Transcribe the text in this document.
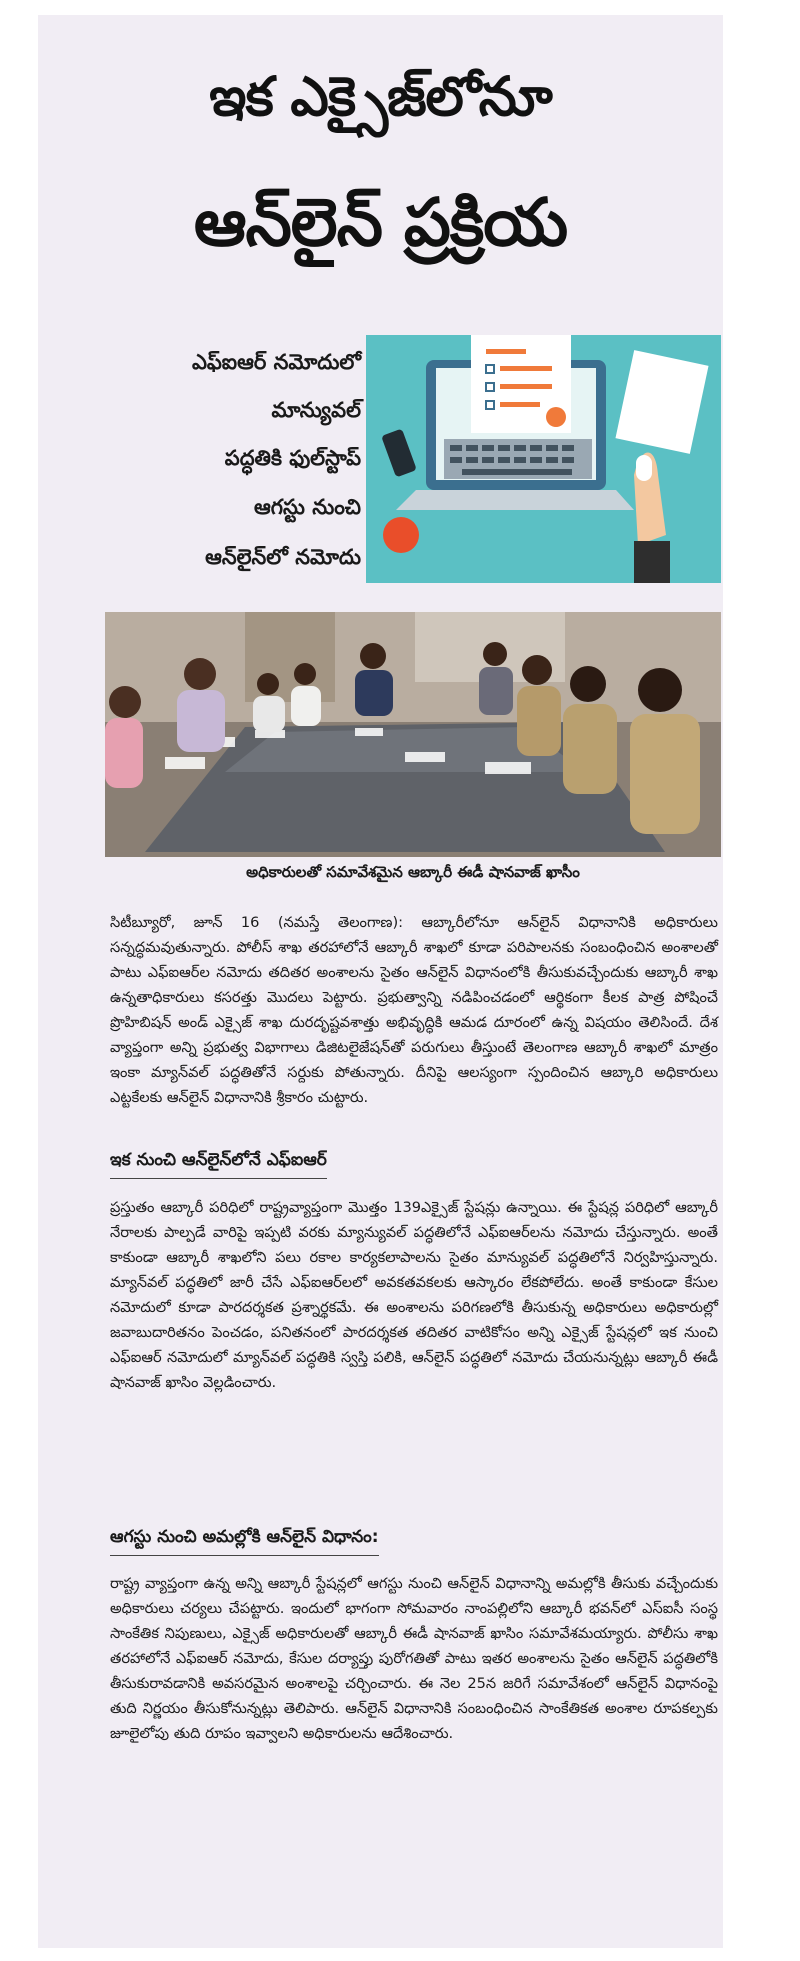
ఇక ఎక్సైజ్‌లోనూ
ఆన్‌లైన్ ప్రక్రియ
ఎఫ్ఐఆర్ నమోదులో
మాన్యువల్
పద్ధతికి ఫుల్‌స్టాప్
ఆగస్టు నుంచి
ఆన్‌లైన్‌లో నమోదు
అధికారులతో సమావేశమైన ఆబ్కారీ ఈడీ షానవాజ్ ఖాసీం

సిటీబ్యూరో, జూన్ 16 (నమస్తే తెలంగాణ): ఆబ్కారీలోనూ ఆన్‌లైన్ విధానానికి అధికారులు సన్నద్ధమవుతున్నారు. పోలీస్ శాఖ తరహాలోనే ఆబ్కారీ శాఖలో కూడా పరిపాలనకు సంబంధించిన అంశాలతో పాటు ఎఫ్ఐఆర్‌ల నమోదు తదితర అంశాలను సైతం ఆన్‌లైన్ విధానంలోకి తీసుకువచ్చేందుకు ఆబ్కారీ శాఖ ఉన్నతాధికారులు కసరత్తు మొదలు పెట్టారు. ప్రభుత్వాన్ని నడిపించడంలో ఆర్థికంగా కీలక పాత్ర పోషించే ప్రొహిబిషన్ అండ్ ఎక్సైజ్ శాఖ దురదృష్టవశాత్తు అభివృద్ధికి ఆమడ దూరంలో ఉన్న విషయం తెలిసిందే. దేశ వ్యాప్తంగా అన్ని ప్రభుత్వ విభాగాలు డిజిటలైజేషన్‌తో పరుగులు తీస్తుంటే తెలంగాణ ఆబ్కారీ శాఖలో మాత్రం ఇంకా మ్యాన్‌వల్ పద్ధతితోనే సర్దుకు పోతున్నారు. దీనిపై ఆలస్యంగా స్పందించిన ఆబ్కారి అధికారులు ఎట్టకేలకు ఆన్‌లైన్ విధానానికి శ్రీకారం చుట్టారు.

ఇక నుంచి ఆన్‌లైన్‌లోనే ఎఫ్ఐఆర్

ప్రస్తుతం ఆబ్కారీ పరిధిలో రాష్ట్రవ్యాప్తంగా మొత్తం 139ఎక్సైజ్ స్టేషన్లు ఉన్నాయి. ఈ స్టేషన్ల పరిధిలో ఆబ్కారీ నేరాలకు పాల్పడే వారిపై ఇప్పటి వరకు మ్యాన్యువల్ పద్ధతిలోనే ఎఫ్ఐఆర్‌లను నమోదు చేస్తున్నారు. అంతే కాకుండా ఆబ్కారీ శాఖలోని పలు రకాల కార్యకలాపాలను సైతం మాన్యువల్ పద్ధతిలోనే నిర్వహిస్తున్నారు. మ్యాన్‌వల్ పద్ధతిలో జారీ చేసే ఎఫ్ఐఆర్‌లలో అవకతవకలకు ఆస్కారం లేకపోలేదు. అంతే కాకుండా కేసుల నమోదులో కూడా పారదర్శకత ప్రశ్నార్థకమే. ఈ అంశాలను పరిగణలోకి తీసుకున్న అధికారులు అధికారుల్లో జవాబుదారితనం పెంచడం, పనితనంలో పారదర్శకత తదితర వాటికోసం అన్ని ఎక్సైజ్ స్టేషన్లలో ఇక నుంచి ఎఫ్ఐఆర్ నమోదులో మ్యాన్‌వల్ పద్ధతికి స్వస్తి పలికి, ఆన్‌లైన్ పద్ధతిలో నమోదు చేయనున్నట్లు ఆబ్కారీ ఈడీ షానవాజ్ ఖాసిం వెల్లడించారు.

ఆగస్టు నుంచి అమల్లోకి ఆన్‌లైన్ విధానం:

రాష్ట్ర వ్యాప్తంగా ఉన్న అన్ని ఆబ్కారీ స్టేషన్లలో ఆగస్టు నుంచి ఆన్‌లైన్ విధానాన్ని అమల్లోకి తీసుకు వచ్చేందుకు అధికారులు చర్యలు చేపట్టారు. ఇందులో భాగంగా సోమవారం నాంపల్లిలోని ఆబ్కారీ భవన్‌లో ఎస్ఐసీ సంస్థ సాంకేతిక నిపుణులు, ఎక్సైజ్ అధికారులతో ఆబ్కారీ ఈడీ షానవాజ్ ఖాసిం సమావేశమయ్యారు. పోలీసు శాఖ తరహాలోనే ఎఫ్ఐఆర్ నమోదు, కేసుల దర్యాప్తు పురోగతితో పాటు ఇతర అంశాలను సైతం ఆన్‌లైన్ పద్ధతిలోకి తీసుకురావడానికి అవసరమైన అంశాలపై చర్చించారు. ఈ నెల 25న జరిగే సమావేశంలో ఆన్‌లైన్ విధానంపై తుది నిర్ణయం తీసుకోనున్నట్లు తెలిపారు. ఆన్‌లైన్ విధానానికి సంబంధించిన సాంకేతికత అంశాల రూపకల్పకు జూలైలోపు తుది రూపం ఇవ్వాలని అధికారులను ఆదేశించారు.
